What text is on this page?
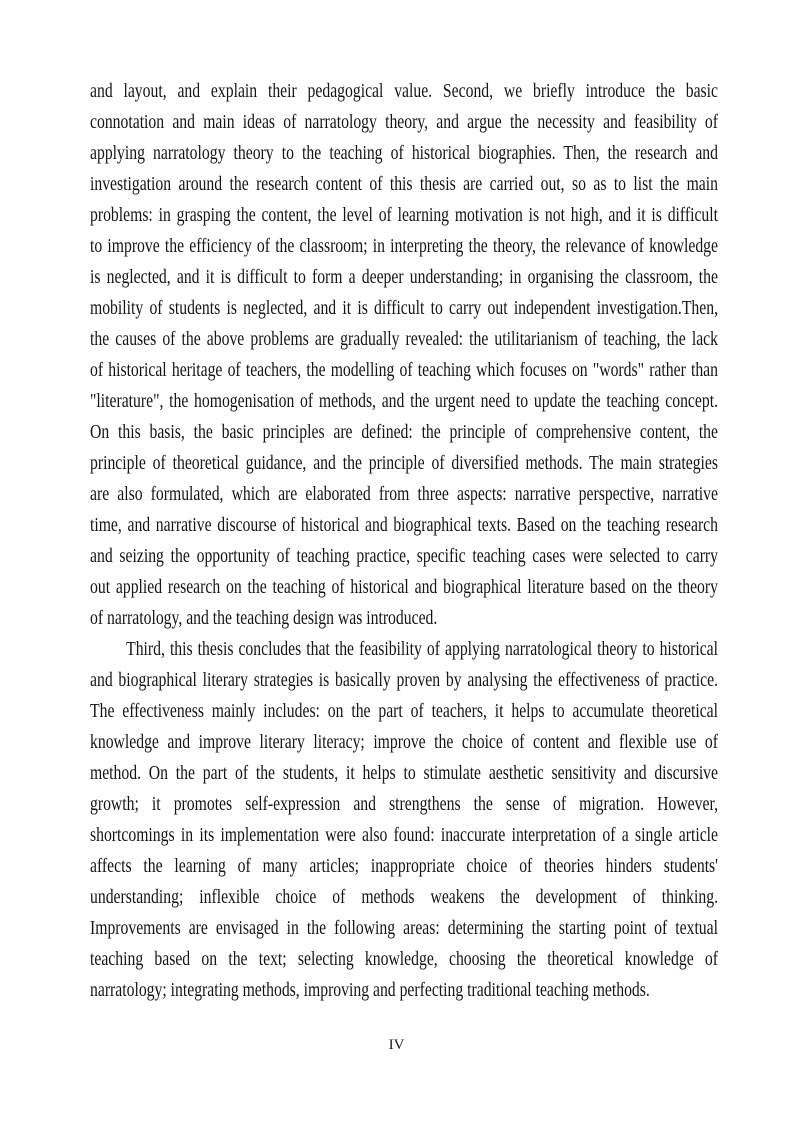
and layout, and explain their pedagogical value. Second, we briefly introduce the basic
connotation and main ideas of narratology theory, and argue the necessity and feasibility of
applying narratology theory to the teaching of historical biographies. Then, the research and
investigation around the research content of this thesis are carried out, so as to list the main
problems: in grasping the content, the level of learning motivation is not high, and it is difficult
to improve the efficiency of the classroom; in interpreting the theory, the relevance of knowledge
is neglected, and it is difficult to form a deeper understanding; in organising the classroom, the
mobility of students is neglected, and it is difficult to carry out independent investigation.Then,
the causes of the above problems are gradually revealed: the utilitarianism of teaching, the lack
of historical heritage of teachers, the modelling of teaching which focuses on "words" rather than
"literature", the homogenisation of methods, and the urgent need to update the teaching concept.
On this basis, the basic principles are defined: the principle of comprehensive content, the
principle of theoretical guidance, and the principle of diversified methods. The main strategies
are also formulated, which are elaborated from three aspects: narrative perspective, narrative
time, and narrative discourse of historical and biographical texts. Based on the teaching research
and seizing the opportunity of teaching practice, specific teaching cases were selected to carry
out applied research on the teaching of historical and biographical literature based on the theory
of narratology, and the teaching design was introduced.
Third, this thesis concludes that the feasibility of applying narratological theory to historical
and biographical literary strategies is basically proven by analysing the effectiveness of practice.
The effectiveness mainly includes: on the part of teachers, it helps to accumulate theoretical
knowledge and improve literary literacy; improve the choice of content and flexible use of
method. On the part of the students, it helps to stimulate aesthetic sensitivity and discursive
growth; it promotes self-expression and strengthens the sense of migration. However,
shortcomings in its implementation were also found: inaccurate interpretation of a single article
affects the learning of many articles; inappropriate choice of theories hinders students'
understanding; inflexible choice of methods weakens the development of thinking.
Improvements are envisaged in the following areas: determining the starting point of textual
teaching based on the text; selecting knowledge, choosing the theoretical knowledge of
narratology; integrating methods, improving and perfecting traditional teaching methods.
IV
